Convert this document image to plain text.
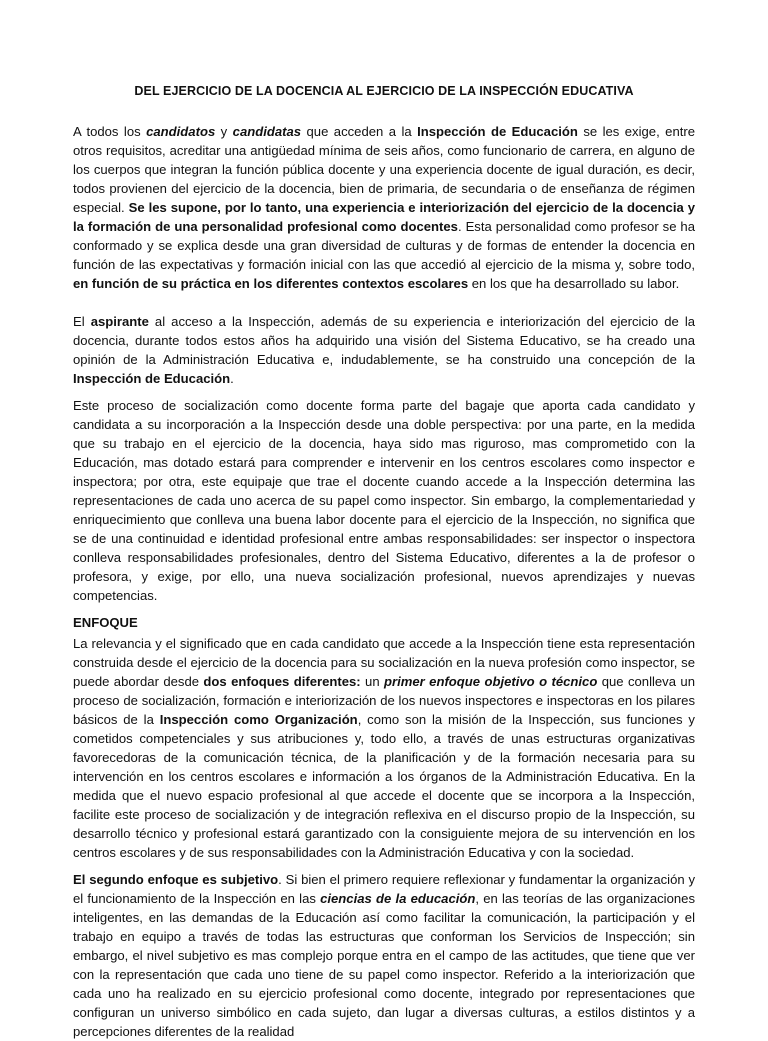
DEL EJERCICIO DE LA DOCENCIA AL EJERCICIO DE LA INSPECCIÓN EDUCATIVA

A todos los candidatos y candidatas que acceden a la Inspección de Educación se les exige, entre otros requisitos, acreditar una antigüedad mínima de seis años, como funcionario de carrera, en alguno de los cuerpos que integran la función pública docente y una experiencia docente de igual duración, es decir, todos provienen del ejercicio de la docencia, bien de primaria, de secundaria o de enseñanza de régimen especial. Se les supone, por lo tanto, una experiencia e interiorización del ejercicio de la docencia y la formación de una personalidad profesional como docentes. Esta personalidad como profesor se ha conformado y se explica desde una gran diversidad de culturas y de formas de entender la docencia en función de las expectativas y formación inicial con las que accedió al ejercicio de la misma y, sobre todo, en función de su práctica en los diferentes contextos escolares en los que ha desarrollado su labor.

El aspirante al acceso a la Inspección, además de su experiencia e interiorización del ejercicio de la docencia, durante todos estos años ha adquirido una visión del Sistema Educativo, se ha creado una opinión de la Administración Educativa e, indudablemente, se ha construido una concepción de la Inspección de Educación.

Este proceso de socialización como docente forma parte del bagaje que aporta cada candidato y candidata a su incorporación a la Inspección desde una doble perspectiva: por una parte, en la medida que su trabajo en el ejercicio de la docencia, haya sido mas riguroso, mas comprometido con la Educación, mas dotado estará para comprender e intervenir en los centros escolares como inspector e inspectora; por otra, este equipaje que trae el docente cuando accede a la Inspección determina las representaciones de cada uno acerca de su papel como inspector. Sin embargo, la complementariedad y enriquecimiento que conlleva una buena labor docente para el ejercicio de la Inspección, no significa que se de una continuidad e identidad profesional entre ambas responsabilidades: ser inspector o inspectora conlleva responsabilidades profesionales, dentro del Sistema Educativo, diferentes a la de profesor o profesora, y exige, por ello, una nueva socialización profesional, nuevos aprendizajes y nuevas competencias.

ENFOQUE

La relevancia y el significado que en cada candidato que accede a la Inspección tiene esta representación construida desde el ejercicio de la docencia para su socialización en la nueva profesión como inspector, se puede abordar desde dos enfoques diferentes: un primer enfoque objetivo o técnico que conlleva un proceso de socialización, formación e interiorización de los nuevos inspectores e inspectoras en los pilares básicos de la Inspección como Organización, como son la misión de la Inspección, sus funciones y cometidos competenciales y sus atribuciones y, todo ello, a través de unas estructuras organizativas favorecedoras de la comunicación técnica, de la planificación y de la formación necesaria para su intervención en los centros escolares e información a los órganos de la Administración Educativa. En la medida que el nuevo espacio profesional al que accede el docente que se incorpora a la Inspección, facilite este proceso de socialización y de integración reflexiva en el discurso propio de la Inspección, su desarrollo técnico y profesional estará garantizado con la consiguiente mejora de su intervención en los centros escolares y de sus responsabilidades con la Administración Educativa y con la sociedad.

El segundo enfoque es subjetivo. Si bien el primero requiere reflexionar y fundamentar la organización y el funcionamiento de la Inspección en las ciencias de la educación, en las teorías de las organizaciones inteligentes, en las demandas de la Educación así como facilitar la comunicación, la participación y el trabajo en equipo a través de todas las estructuras que conforman los Servicios de Inspección; sin embargo, el nivel subjetivo es mas complejo porque entra en el campo de las actitudes, que tiene que ver con la representación que cada uno tiene de su papel como inspector. Referido a la interiorización que cada uno ha realizado en su ejercicio profesional como docente, integrado por representaciones que configuran un universo simbólico en cada sujeto, dan lugar a diversas culturas, a estilos distintos y a percepciones diferentes de la realidad
